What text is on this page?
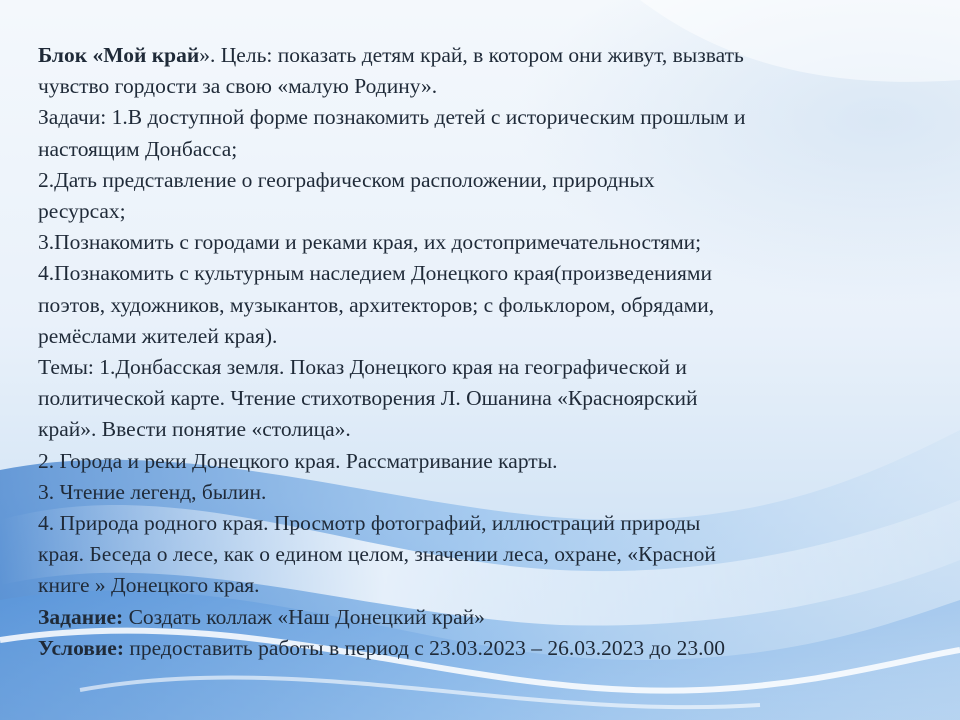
Блок «Мой край». Цель: показать детям край, в котором они живут, вызвать

чувство гордости за свою «малую Родину».

Задачи: 1.В доступной форме познакомить детей с историческим прошлым и

настоящим Донбасса;

2.Дать представление о географическом расположении, природных

ресурсах;

3.Познакомить с городами и реками края, их достопримечательностями;

4.Познакомить с культурным наследием Донецкого края(произведениями

поэтов, художников, музыкантов, архитекторов; с фольклором, обрядами,

ремёслами жителей края).

Темы: 1.Донбасская земля. Показ Донецкого края на географической и

политической карте. Чтение стихотворения Л. Ошанина «Красноярский

край». Ввести понятие «столица».

2. Города и реки Донецкого края. Рассматривание карты.

3. Чтение легенд, былин.

4. Природа родного края. Просмотр фотографий, иллюстраций природы

края. Беседа о лесе, как о едином целом, значении леса, охране, «Красной

книге » Донецкого края.

Задание: Создать коллаж «Наш Донецкий край»

Условие: предоставить работы в период с 23.03.2023 – 26.03.2023 до 23.00
